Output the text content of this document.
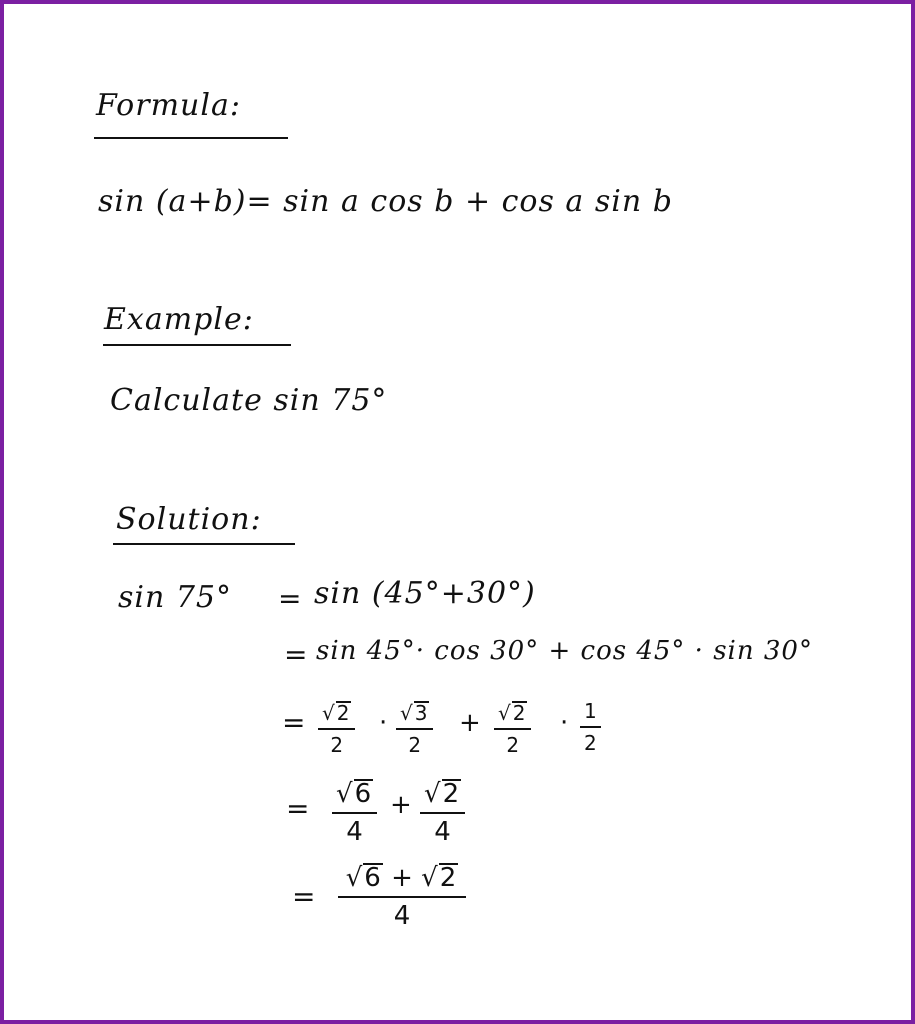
Formula:
sin (a+b)= sin a cos b + cos a sin b
Example:
Calculate sin 75°
Solution:
sin 75° = sin (45°+30°)
= sin 45°· cos 30° + cos 45° · sin 30°
= √ 2
2
· √ 3
2
+ √ 2
2
· 1
2
= √6
4
+ √2
4
=
√6 + √2
4
